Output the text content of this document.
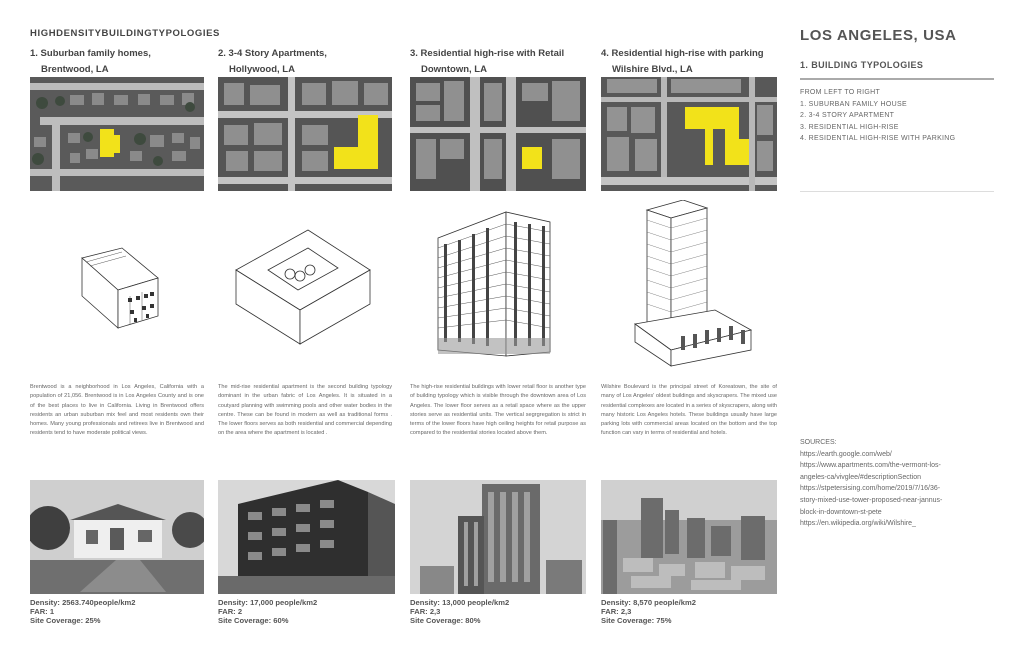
HIGHDENSITYBUILDINGTYPOLOGIES
1. Suburban family homes,
Brentwood, LA
Brentwood is a neighborhood in Los Angeles, California with a population of 21,056. Brentwood is in Los Angeles County and is one of the best places to live in California. Living in Brentwood offers residents an urban suburban mix feel and most residents own their homes. Many young professionals and retirees live in Brentwood and residents tend to have moderate political views.
Density: 2563.740people/km2
FAR: 1
Site Coverage: 25%
2. 3-4 Story Apartments,
Hollywood, LA
The mid-rise residential apartment is the second building typology dominant in the urban fabric of Los Angeles. It is situated in a coutyard planning with swimming pools and other water bodies in the centre. These can be found in modern as well as traditional forms . The lower floors serves as both residential and commercial depending on the area where the apartment is located .
Density: 17,000 people/km2
FAR: 2
Site Coverage: 60%
3. Residential high-rise with Retail
Downtown, LA
The high-rise residential buildings with lower retail floor is another type of building typology which is visible through the downtown area of Los Angeles. The lower floor serves as a retail space where as the upper stories serve as residential units. The vertical segrgregation is strict in terms of the lower floors have high ceiling heights for retail purpose as compared to the residential stories located above them.
Density: 13,000 people/km2
FAR: 2,3
Site Coverage: 80%
4. Residential high-rise with parking
Wilshire Blvd., LA
Wilshire Boulevard is the principal street of Koreatown, the site of many of Los Angeles' oldest buildings and skyscrapers. The mixed use residential complexes are located in a series of skyscrapers, along with many historic Los Angeles hotels. These buildings usually have large parking lots with commercial areas located on the bottom and the top function can vary in terms of residential and hotels.
Density: 8,570 people/km2
FAR: 2,3
Site Coverage: 75%
LOS ANGELES, USA
1. BUILDING TYPOLOGIES
FROM LEFT TO RIGHT
1. SUBURBAN FAMILY HOUSE
2. 3-4 STORY APARTMENT
3. RESIDENTIAL HIGH-RISE
4. RESIDENTIAL HIGH-RISE WITH PARKING
SOURCES:
https://earth.google.com/web/
https://www.apartments.com/the-vermont-los-
angeles-ca/vivglee/#descriptionSection
https://stpetersising.com/home/2019/7/16/36-
story-mixed-use-tower-proposed-near-jannus-
block-in-downtown-st-pete
https://en.wikipedia.org/wiki/Wilshire_
